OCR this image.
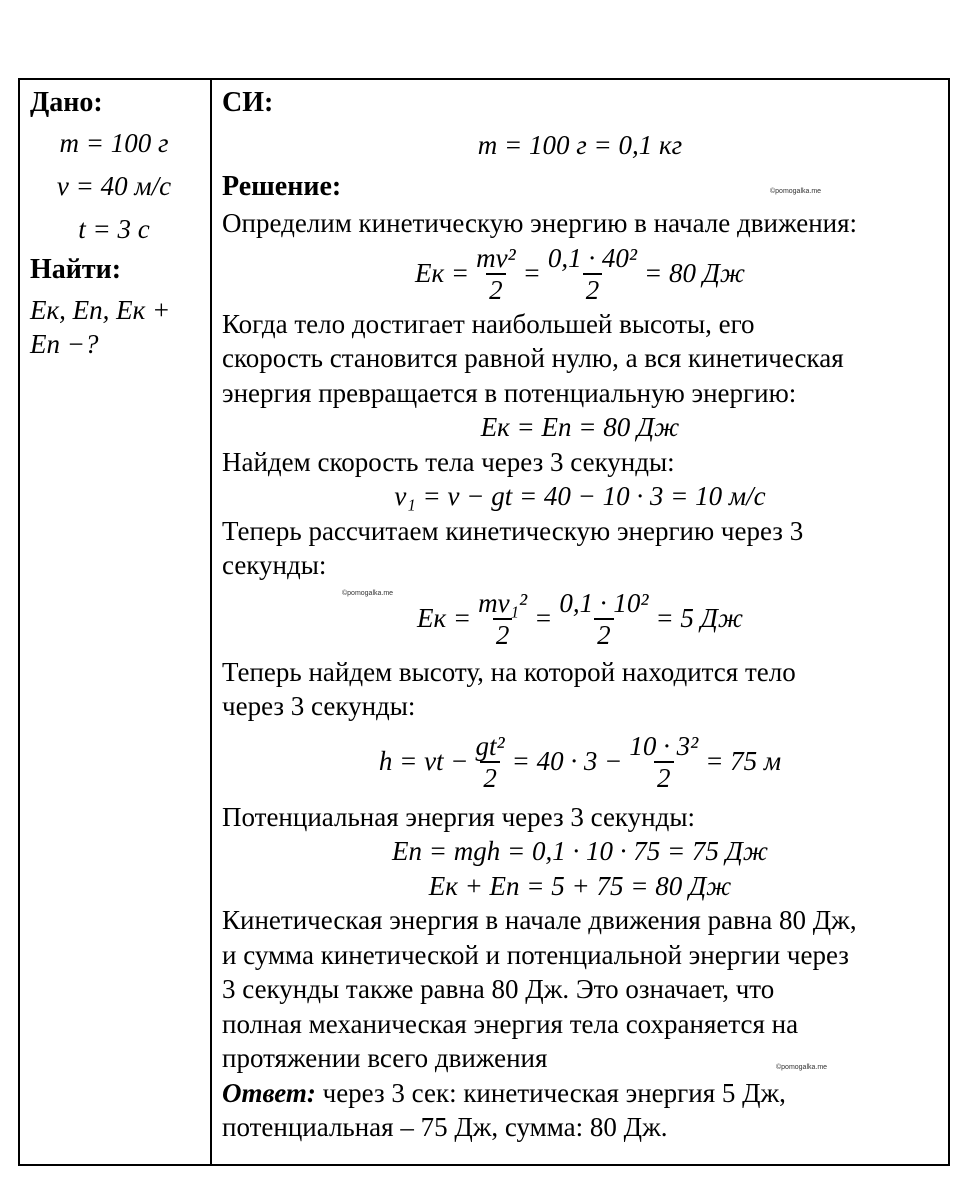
Дано:
m = 100 г
v = 40 м/с
t = 3 с
Найти:
Eк, Eп, Eк +
Eп −?
СИ:
m = 100 г = 0,1 кг
Решение:
Определим кинетическую энергию в начале движения:
Eк = $\frac{\text{mv²}}{2} = \frac{\text{0,1 · 40²}}{2} = 80$ Дж
Когда тело достигает наибольшей высоты, его
скорость становится равной нулю, а вся кинетическая
энергия превращается в потенциальную энергию:
Eк = Eп = 80 Дж
Найдем скорость тела через 3 секунды:
v₁ = v − gt = 40 − 10 · 3 = 10 м/с
Теперь рассчитаем кинетическую энергию через 3
секунды:
Eк = $\frac{\text{mv₁²}}{2} = \frac{\text{0,1 · 10²}}{2} = 5$ Дж
Теперь найдем высоту, на которой находится тело
через 3 секунды:
h = vt − $\frac{\text{gt²}}{2} = 40 \cdot 3 - \frac{\text{10 · 3²}}{2} = 75$ м
Потенциальная энергия через 3 секунды:
Eп = mgh = 0,1 · 10 · 75 = 75 Дж
Eк + Eп = 5 + 75 = 80 Дж
Кинетическая энергия в начале движения равна 80 Дж,
и сумма кинетической и потенциальной энергии через
3 секунды также равна 80 Дж. Это означает, что
полная механическая энергия тела сохраняется на
протяжении всего движения
Ответ: через 3 сек: кинетическая энергия 5 Дж,
потенциальная – 75 Дж, сумма: 80 Дж.
©pomogalka.me
©pomogalka.me
©pomogalka.me
